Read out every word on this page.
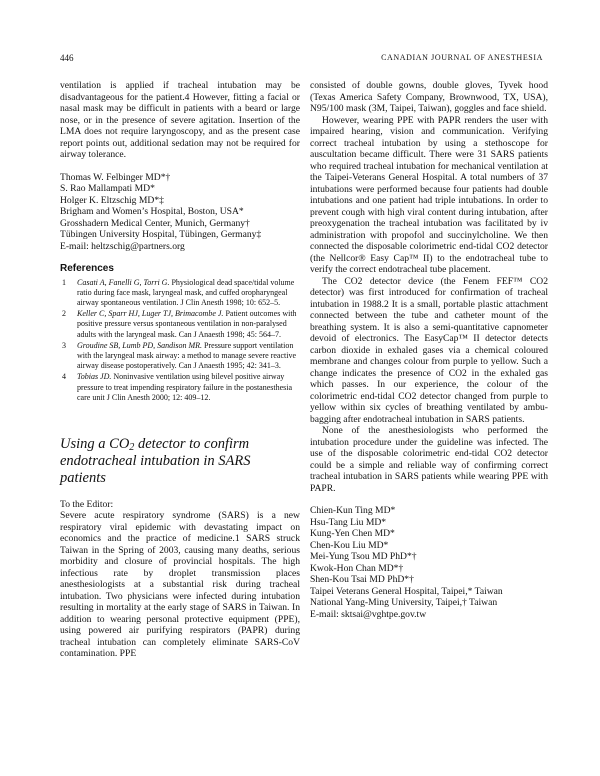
446	CANADIAN JOURNAL OF ANESTHESIA

ventilation is applied if tracheal intubation may be disadvantageous for the patient.4 However, fitting a facial or nasal mask may be difficult in patients with a beard or large nose, or in the presence of severe agitation. Insertion of the LMA does not require laryngoscopy, and as the present case report points out, additional sedation may not be required for airway tolerance.

Thomas W. Felbinger MD*†
S. Rao Mallampati MD*
Holger K. Eltzschig MD*‡
Brigham and Women’s Hospital, Boston, USA*
Grosshadern Medical Center, Munich, Germany†
Tübingen University Hospital, Tübingen, Germany‡
E-mail: heltzschig@partners.org
References
1 Casati A, Fanelli G, Torri G. Physiological dead space/tidal volume ratio during face mask, laryngeal mask, and cuffed oropharyngeal airway spontaneous ventilation. J Clin Anesth 1998; 10: 652–5.
2 Keller C, Sparr HJ, Luger TJ, Brimacombe J. Patient outcomes with positive pressure versus spontaneous ventilation in non-paralysed adults with the laryngeal mask. Can J Anaesth 1998; 45: 564–7.
3 Groudine SB, Lumb PD, Sandison MR. Pressure support ventilation with the laryngeal mask airway: a method to manage severe reactive airway disease postoperatively. Can J Anaesth 1995; 42: 341–3.
4 Tobias JD. Noninvasive ventilation using bilevel positive airway pressure to treat impending respiratory failure in the postanesthesia care unit J Clin Anesth 2000; 12: 409–12.
Using a $CO_2$ detector to confirm endotracheal intubation in SARS patients

To the Editor:

Severe acute respiratory syndrome (SARS) is a new respiratory viral epidemic with devastating impact on economics and the practice of medicine.1 SARS struck Taiwan in the Spring of 2003, causing many deaths, serious morbidity and closure of provincial hospitals. The high infectious rate by droplet transmission places anesthesiologists at a substantial risk during tracheal intubation. Two physicians were infected during intubation resulting in mortality at the early stage of SARS in Taiwan. In addition to wearing personal protective equipment (PPE), using powered air purifying respirators (PAPR) during tracheal intubation can completely eliminate SARS-CoV contamination. PPE

consisted of double gowns, double gloves, Tyvek hood (Texas America Safety Company, Brownwood, TX, USA), N95/100 mask (3M, Taipei, Taiwan), goggles and face shield.

However, wearing PPE with PAPR renders the user with impaired hearing, vision and communication. Verifying correct tracheal intubation by using a stethoscope for auscultation became difficult. There were 31 SARS patients who required tracheal intubation for mechanical ventilation at the Taipei-Veterans General Hospital. A total numbers of 37 intubations were performed because four patients had double intubations and one patient had triple intubations. In order to prevent cough with high viral content during intubation, after preoxygenation the tracheal intubation was facilitated by iv administration with propofol and succinylcholine. We then connected the disposable colorimetric end-tidal CO2 detector (the Nellcor® Easy Cap™ II) to the endotracheal tube to verify the correct endotracheal tube placement.

The CO2 detector device (the Fenem FEF™ CO2 detector) was first introduced for confirmation of tracheal intubation in 1988.2 It is a small, portable plastic attachment connected between the tube and catheter mount of the breathing system. It is also a semi-quantitative capnometer devoid of electronics. The EasyCap™ II detector detects carbon dioxide in exhaled gases via a chemical coloured membrane and changes colour from purple to yellow. Such a change indicates the presence of CO2 in the exhaled gas which passes. In our experience, the colour of the colorimetric end-tidal CO2 detector changed from purple to yellow within six cycles of breathing ventilated by ambu-bagging after endotracheal intubation in SARS patients.

None of the anesthesiologists who performed the intubation procedure under the guideline was infected. The use of the disposable colorimetric end-tidal CO2 detector could be a simple and reliable way of confirming correct tracheal intubation in SARS patients while wearing PPE with PAPR.

Chien-Kun Ting MD*
Hsu-Tang Liu MD*
Kung-Yen Chen MD*
Chen-Kou Liu MD*
Mei-Yung Tsou MD PhD*†
Kwok-Hon Chan MD*†
Shen-Kou Tsai MD PhD*†
Taipei Veterans General Hospital, Taipei,* Taiwan
National Yang-Ming University, Taipei,† Taiwan
E-mail: sktsai@vghtpe.gov.tw
